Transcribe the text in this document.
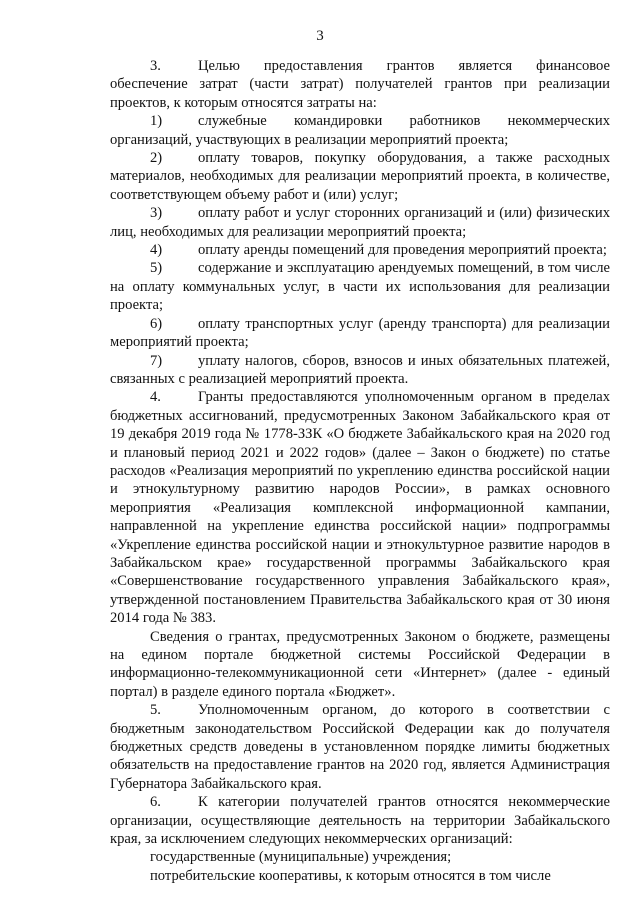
3

3.	Целью предоставления грантов является финансовое обеспечение затрат (части затрат) получателей грантов при реализации проектов, к которым относятся затраты на:

1) служебные командировки работников некоммерческих организаций, участвующих в реализации мероприятий проекта;

2) оплату товаров, покупку оборудования, а также расходных материалов, необходимых для реализации мероприятий проекта, в количестве, соответствующем объему работ и (или) услуг;

3) оплату работ и услуг сторонних организаций и (или) физических лиц, необходимых для реализации мероприятий проекта;

4) оплату аренды помещений для проведения мероприятий проекта;

5) содержание и эксплуатацию арендуемых помещений, в том числе на оплату коммунальных услуг, в части их использования для реализации проекта;

6) оплату транспортных услуг (аренду транспорта) для реализации мероприятий проекта;

7) уплату налогов, сборов, взносов и иных обязательных платежей, связанных с реализацией мероприятий проекта.

4.	Гранты предоставляются уполномоченным органом в пределах бюджетных ассигнований, предусмотренных Законом Забайкальского края от 19 декабря 2019 года № 1778-ЗЗК «О бюджете Забайкальского края на 2020 год и плановый период 2021 и 2022 годов» (далее – Закон о бюджете) по статье расходов «Реализация мероприятий по укреплению единства российской нации и этнокультурному развитию народов России», в рамках основного мероприятия «Реализация комплексной информационной кампании, направленной на укрепление единства российской нации» подпрограммы «Укрепление единства российской нации и этнокультурное развитие народов в Забайкальском крае» государственной программы Забайкальского края «Совершенствование государственного управления Забайкальского края», утвержденной постановлением Правительства Забайкальского края от 30 июня 2014 года № 383.

Сведения о грантах, предусмотренных Законом о бюджете, размещены на едином портале бюджетной системы Российской Федерации в информационно-телекоммуникационной сети «Интернет» (далее - единый портал) в разделе единого портала «Бюджет».

5.	Уполномоченным органом, до которого в соответствии с бюджетным законодательством Российской Федерации как до получателя бюджетных средств доведены в установленном порядке лимиты бюджетных обязательств на предоставление грантов на 2020 год, является Администрация Губернатора Забайкальского края.

6.	К категории получателей грантов относятся некоммерческие организации, осуществляющие деятельность на территории Забайкальского края, за исключением следующих некоммерческих организаций:

государственные (муниципальные) учреждения;

потребительские кооперативы, к которым относятся в том числе
